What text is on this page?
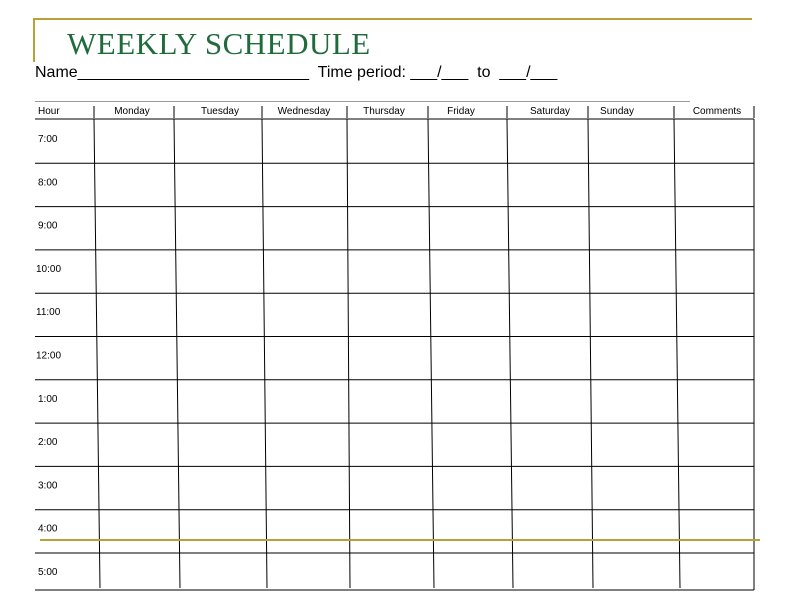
WEEKLY SCHEDULE
Name__________________________  Time period: ___/___  to  ___/___
Hour	Monday	Tuesday	Wednesday	Thursday	Friday	Saturday	Sunday	Comments
7:00
8:00
9:00
10:00
11:00
12:00
1:00
2:00
3:00
4:00
5:00
